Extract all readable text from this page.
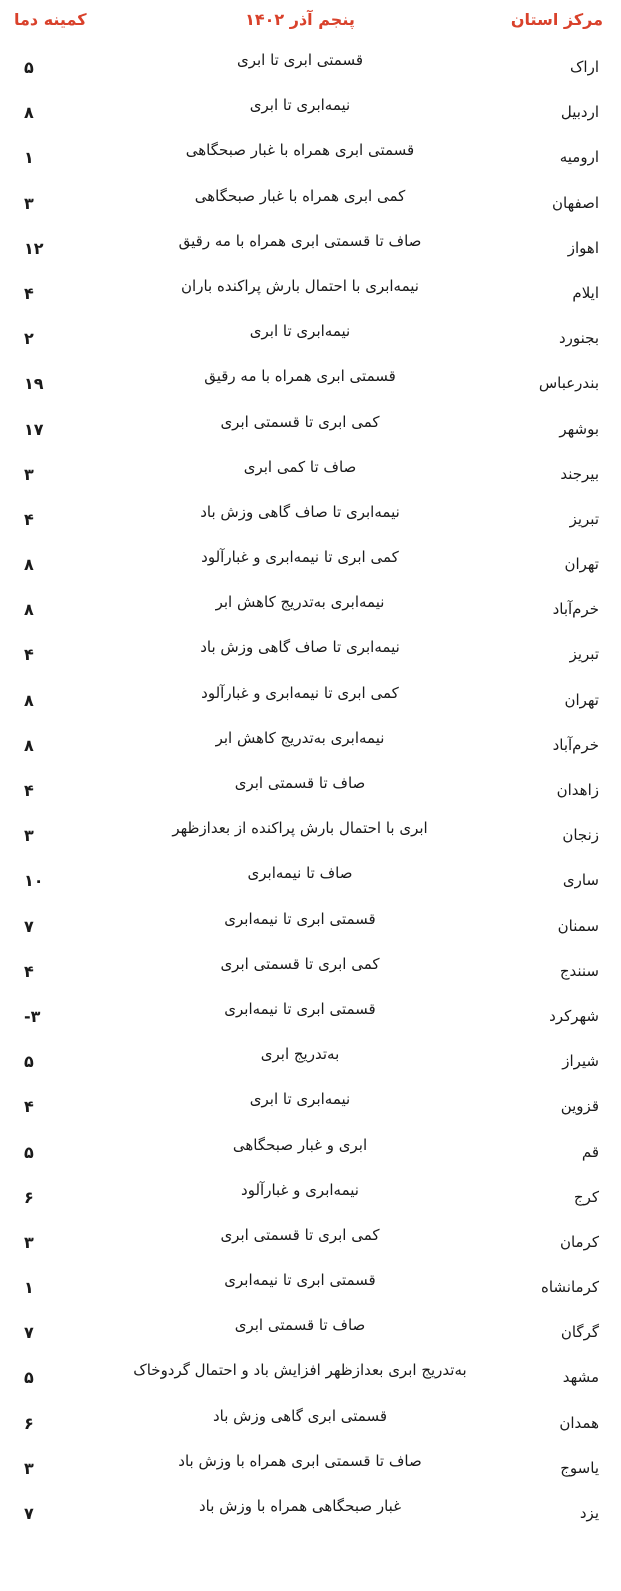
مرکز استان
پنجم آذر ۱۴۰۲
کمینه دما
اراک
قسمتی ابری تا ابری
۵
اردبیل
نیمه‌ابری تا ابری
۸
ارومیه
قسمتی ابری همراه با غبار صبحگاهی
۱
اصفهان
کمی ابری همراه با غبار صبحگاهی
۳
اهواز
صاف تا قسمتی ابری همراه با مه رقیق
۱۲
ایلام
نیمه‌ابری با احتمال بارش پراکنده باران
۴
بجنورد
نیمه‌ابری تا ابری
۲
بندرعباس
قسمتی ابری همراه با مه رقیق
۱۹
بوشهر
کمی ابری تا قسمتی ابری
۱۷
بیرجند
صاف تا کمی ابری
۳
تبریز
نیمه‌ابری تا صاف گاهی وزش باد
۴
تهران
کمی ابری تا نیمه‌ابری و غبارآلود
۸
خرم‌آباد
نیمه‌ابری به‌تدریج کاهش ابر
۸
تبریز
نیمه‌ابری تا صاف گاهی وزش باد
۴
تهران
کمی ابری تا نیمه‌ابری و غبارآلود
۸
خرم‌آباد
نیمه‌ابری به‌تدریج کاهش ابر
۸
زاهدان
صاف تا قسمتی ابری
۴
زنجان
ابری با احتمال بارش پراکنده از بعدازظهر
۳
ساری
صاف تا نیمه‌ابری
۱۰
سمنان
قسمتی ابری تا نیمه‌ابری
۷
سنندج
کمی ابری تا قسمتی ابری
۴
شهرکرد
قسمتی ابری تا نیمه‌ابری
-۳
شیراز
به‌تدریج ابری
۵
قزوین
نیمه‌ابری تا ابری
۴
قم
ابری و غبار صبحگاهی
۵
کرج
نیمه‌ابری و غبارآلود
۶
کرمان
کمی ابری تا قسمتی ابری
۳
کرمانشاه
قسمتی ابری تا نیمه‌ابری
۱
گرگان
صاف تا قسمتی ابری
۷
مشهد
به‌تدریج ابری بعدازظهر افزایش باد و احتمال گردوخاک
۵
همدان
قسمتی ابری گاهی وزش باد
۶
یاسوج
صاف تا قسمتی ابری همراه با وزش باد
۳
یزد
غبار صبحگاهی همراه با وزش باد
۷
